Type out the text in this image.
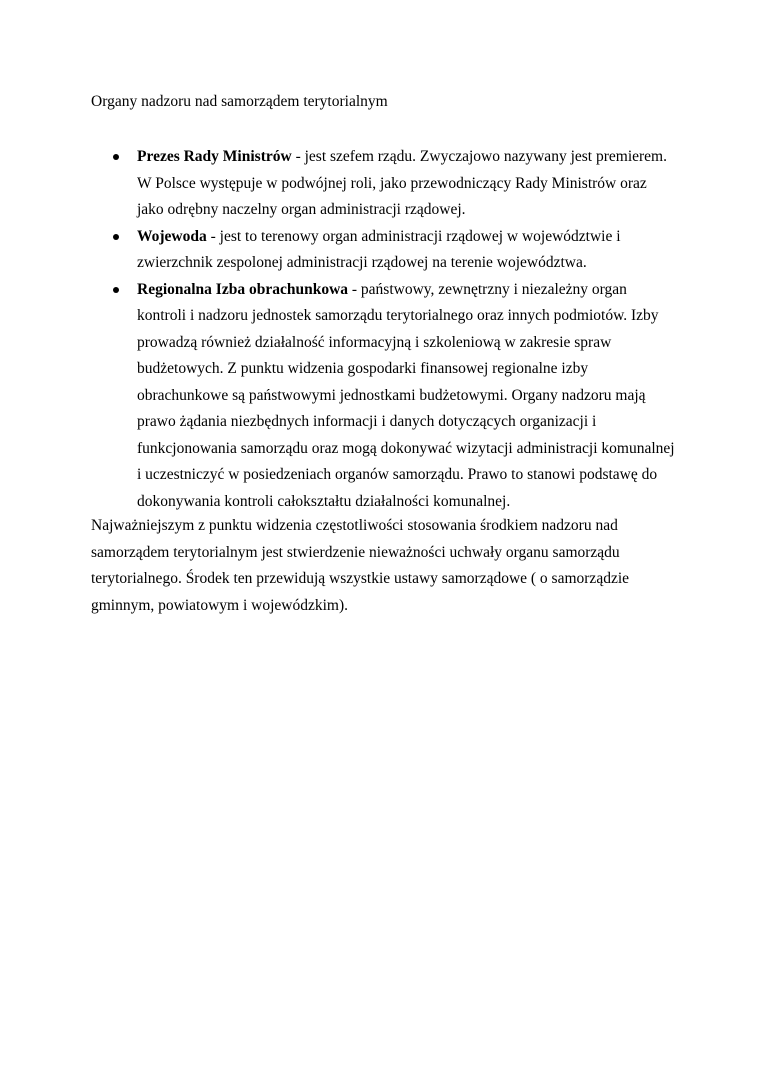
Organy nadzoru nad samorządem terytorialnym
Prezes Rady Ministrów - jest szefem rządu. Zwyczajowo nazywany jest premierem. W Polsce występuje w podwójnej roli, jako przewodniczący Rady Ministrów oraz jako odrębny naczelny organ administracji rządowej.
Wojewoda - jest to terenowy organ administracji rządowej w województwie i zwierzchnik zespolonej administracji rządowej na terenie województwa.
Regionalna Izba obrachunkowa - państwowy, zewnętrzny i niezależny organ kontroli i nadzoru jednostek samorządu terytorialnego oraz innych podmiotów. Izby prowadzą również działalność informacyjną i szkoleniową w zakresie spraw budżetowych. Z punktu widzenia gospodarki finansowej regionalne izby obrachunkowe są państwowymi jednostkami budżetowymi. Organy nadzoru mają prawo żądania niezbędnych informacji i danych dotyczących organizacji i funkcjonowania samorządu oraz mogą dokonywać wizytacji administracji komunalnej i uczestniczyć w posiedzeniach organów samorządu. Prawo to stanowi podstawę do dokonywania kontroli całokształtu działalności komunalnej.

Najważniejszym z punktu widzenia częstotliwości stosowania środkiem nadzoru nad samorządem terytorialnym jest stwierdzenie nieważności uchwały organu samorządu terytorialnego. Środek ten przewidują wszystkie ustawy samorządowe ( o samorządzie gminnym, powiatowym i wojewódzkim).
